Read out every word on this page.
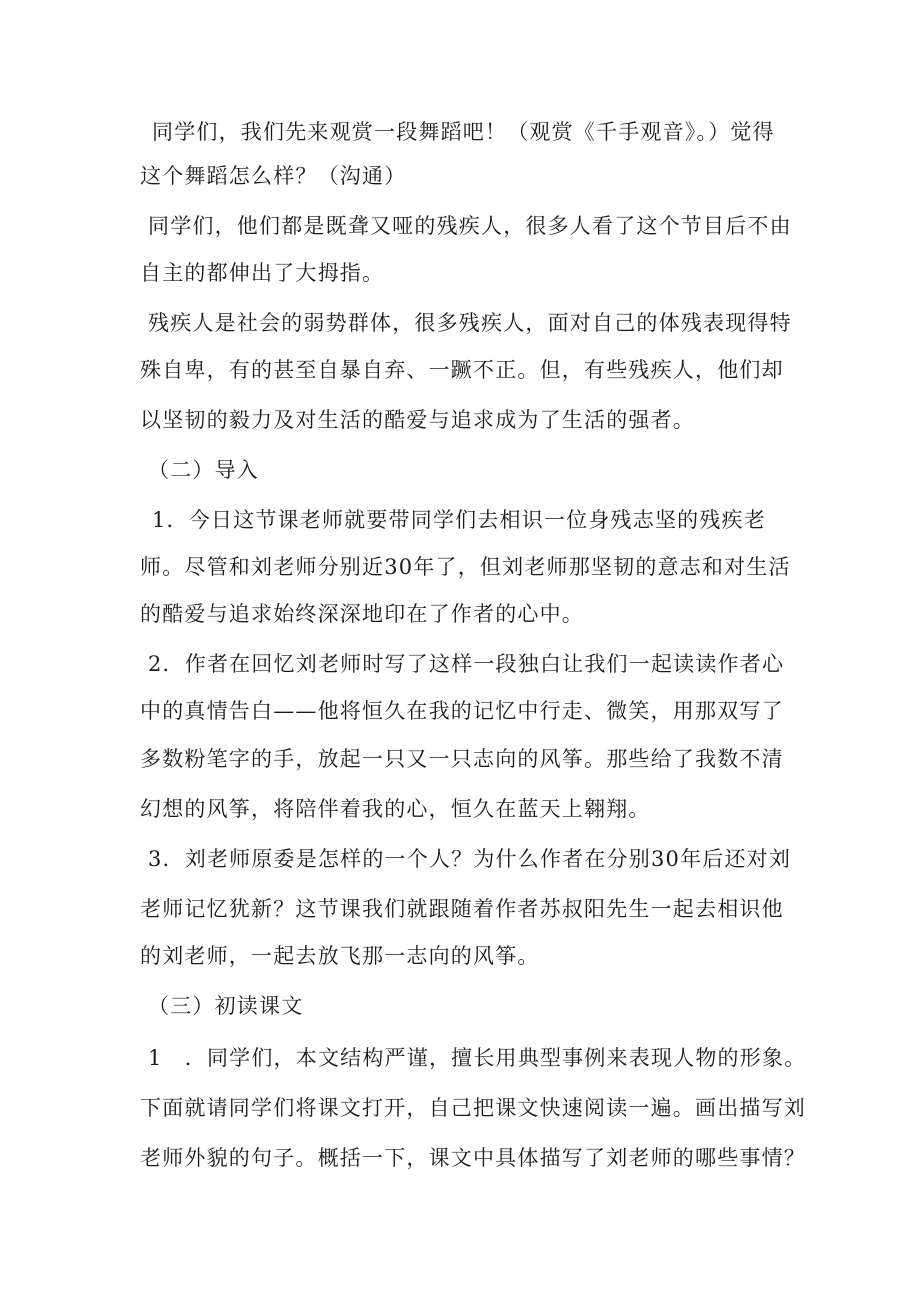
同学们，我们先来观赏一段舞蹈吧！（观赏《千手观音》。）觉得
这个舞蹈怎么样？（沟通）
同学们，他们都是既聋又哑的残疾人，很多人看了这个节目后不由
自主的都伸出了大拇指。
残疾人是社会的弱势群体，很多残疾人，面对自己的体残表现得特
殊自卑，有的甚至自暴自弃、一蹶不正。但，有些残疾人，他们却
以坚韧的毅力及对生活的酷爱与追求成为了生活的强者。
（二）导入
1．今日这节课老师就要带同学们去相识一位身残志坚的残疾老
师。尽管和刘老师分别近30年了，但刘老师那坚韧的意志和对生活
的酷爱与追求始终深深地印在了作者的心中。
2．作者在回忆刘老师时写了这样一段独白让我们一起读读作者心
中的真情告白——他将恒久在我的记忆中行走、微笑，用那双写了
多数粉笔字的手，放起一只又一只志向的风筝。那些给了我数不清
幻想的风筝，将陪伴着我的心，恒久在蓝天上翱翔。
3．刘老师原委是怎样的一个人？为什么作者在分别30年后还对刘
老师记忆犹新？这节课我们就跟随着作者苏叔阳先生一起去相识他
的刘老师，一起去放飞那一志向的风筝。
（三）初读课文
1　．同学们，本文结构严谨，擅长用典型事例来表现人物的形象。
下面就请同学们将课文打开，自己把课文快速阅读一遍。画出描写刘
老师外貌的句子。概括一下，课文中具体描写了刘老师的哪些事情？
